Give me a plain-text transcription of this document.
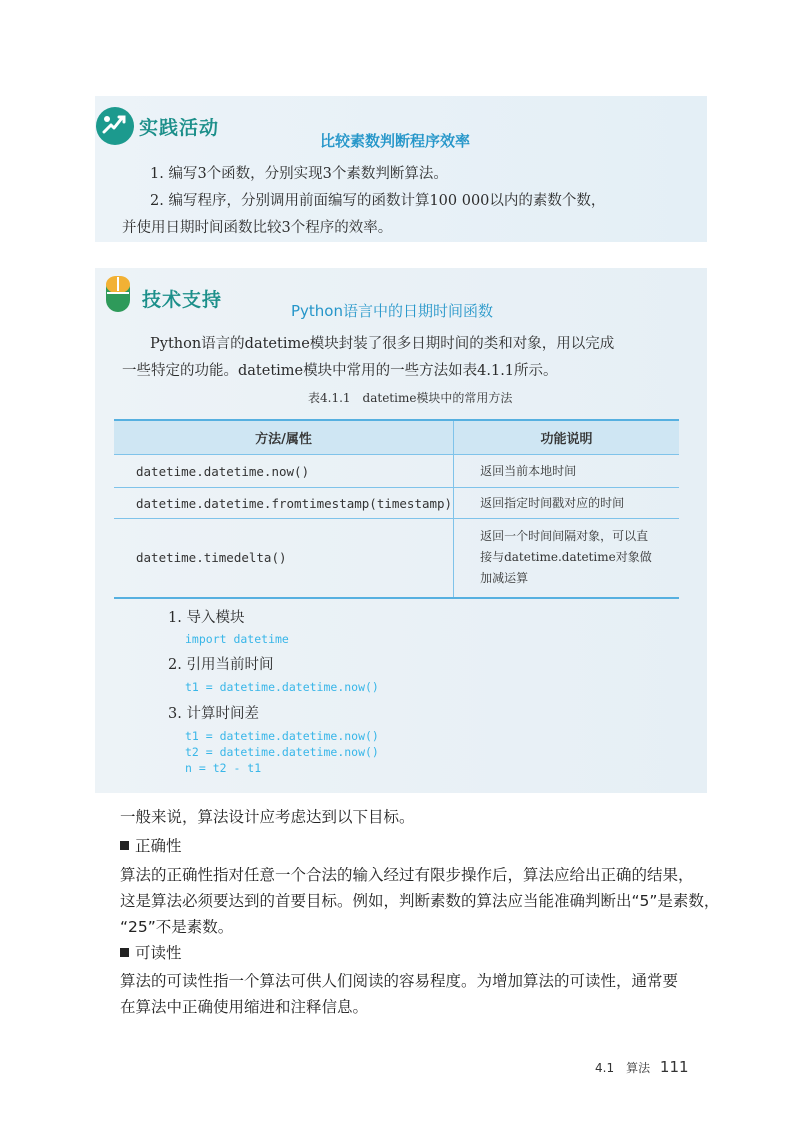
实践活动
比较素数判断程序效率
1. 编写3个函数，分别实现3个素数判断算法。
2. 编写程序，分别调用前面编写的函数计算100 000以内的素数个数，
并使用日期时间函数比较3个程序的效率。
技术支持	Python语言中的日期时间函数
Python语言的datetime模块封装了很多日期时间的类和对象，用以完成
一些特定的功能。datetime模块中常用的一些方法如表4.1.1所示。
表4.1.1　datetime模块中的常用方法
方法/属性	功能说明
datetime.datetime.now()	返回当前本地时间
datetime.datetime.fromtimestamp(timestamp)	返回指定时间戳对应的时间
datetime.timedelta()	返回一个时间间隔对象，可以直接与datetime.datetime对象做加减运算
1. 导入模块
import datetime
2. 引用当前时间
t1 = datetime.datetime.now()
3. 计算时间差
t1 = datetime.datetime.now()
t2 = datetime.datetime.now()
n = t2 - t1
一般来说，算法设计应考虑达到以下目标。
正确性
算法的正确性指对任意一个合法的输入经过有限步操作后，算法应给出正确的结果，
这是算法必须要达到的首要目标。例如，判断素数的算法应当能准确判断出“5”是素数，
“25”不是素数。
可读性
算法的可读性指一个算法可供人们阅读的容易程度。为增加算法的可读性，通常要
在算法中正确使用缩进和注释信息。
4.1　算法 111
